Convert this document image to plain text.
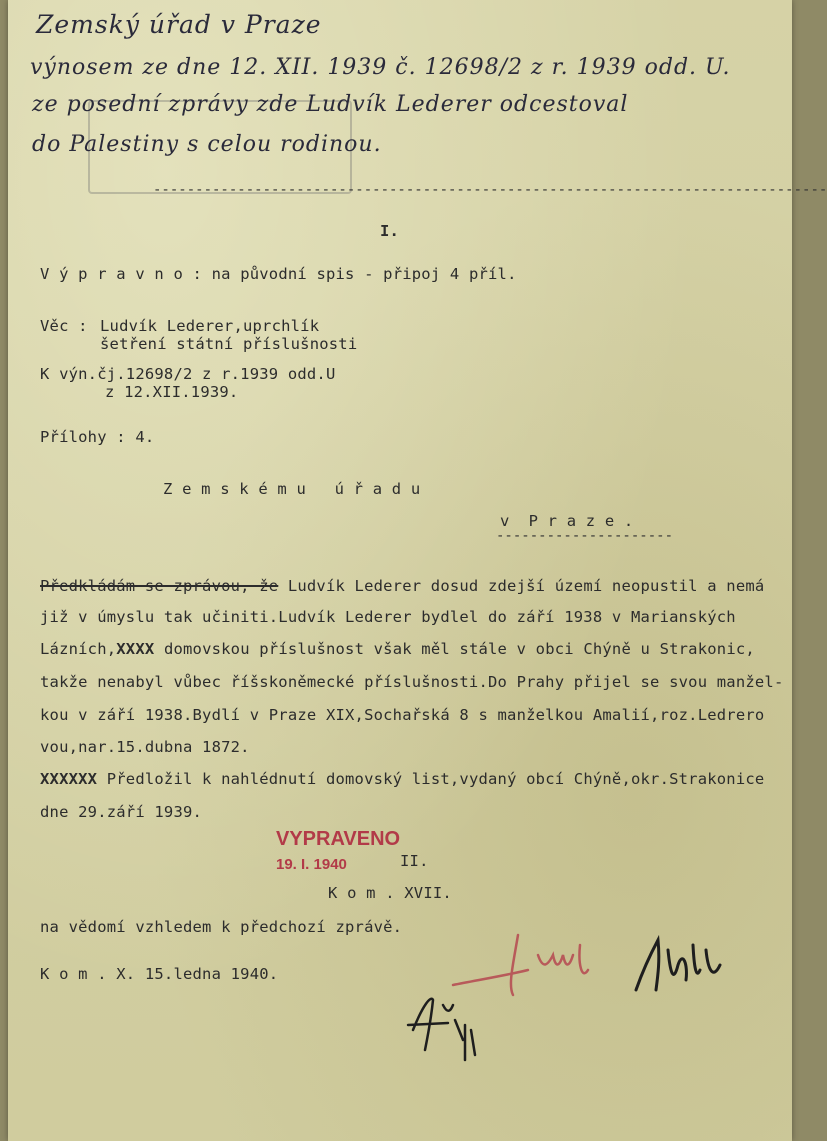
Zemský úřad v Praze
výnosem ze dne 12. XII. 1939 č. 12698/2 z r. 1939 odd. U.
ze posední zprávy zde Ludvík Lederer odcestoval
do Palestiny s celou rodinou.
--------------------------------------------------------------------------------
I.
V ý p r a v n o : na původní spis - připoj 4 příl.
Věc : Ludvík Lederer,uprchlík
šetření státní příslušnosti
K výn.čj.12698/2 z r.1939 odd.U
z 12.XII.1939.
Přílohy : 4.
Z e m s k é m u   ú ř a d u
v  P r a z e .
---------------------
Předkládám se zprávou, že Ludvík Lederer dosud zdejší území neopustil a nemá
již v úmyslu tak učiniti.Ludvík Lederer bydlel do září 1938 v Marianských
Lázních,XXXX domovskou příslušnost však měl stále v obci Chýně u Strakonic,
takže nenabyl vůbec říšskoněmecké příslušnosti.Do Prahy přijel se svou manžel-
kou v září 1938.Bydlí v Praze XIX,Sochařská 8 s manželkou Amalií,roz.Ledrero
vou,nar.15.dubna 1872.
XXXXXX Předložil k nahlédnutí domovský list,vydaný obcí Chýně,okr.Strakonice
dne 29.září 1939.
VYPRAVENO
19. I. 1940	II.
K o m . XVII.
na vědomí vzhledem k předchozí zprávě.
K o m . X. 15.ledna 1940.
